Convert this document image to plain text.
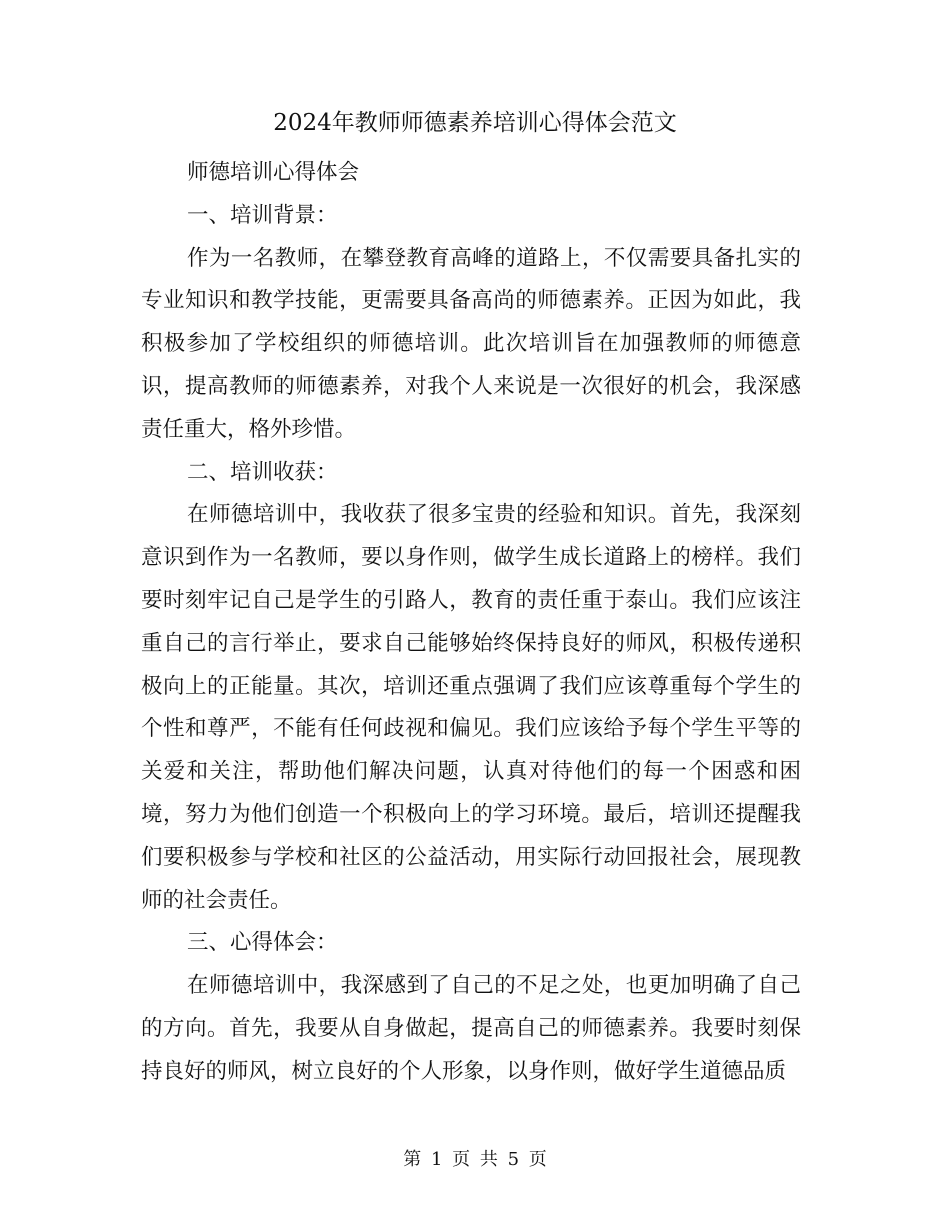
2024年教师师德素养培训心得体会范文

师德培训心得体会

一、培训背景：

作为一名教师，在攀登教育高峰的道路上，不仅需要具备扎实的专业知识和教学技能，更需要具备高尚的师德素养。正因为如此，我积极参加了学校组织的师德培训。此次培训旨在加强教师的师德意识，提高教师的师德素养，对我个人来说是一次很好的机会，我深感责任重大，格外珍惜。

二、培训收获：

在师德培训中，我收获了很多宝贵的经验和知识。首先，我深刻意识到作为一名教师，要以身作则，做学生成长道路上的榜样。我们要时刻牢记自己是学生的引路人，教育的责任重于泰山。我们应该注重自己的言行举止，要求自己能够始终保持良好的师风，积极传递积极向上的正能量。其次，培训还重点强调了我们应该尊重每个学生的个性和尊严，不能有任何歧视和偏见。我们应该给予每个学生平等的关爱和关注，帮助他们解决问题，认真对待他们的每一个困惑和困境，努力为他们创造一个积极向上的学习环境。最后，培训还提醒我们要积极参与学校和社区的公益活动，用实际行动回报社会，展现教师的社会责任。

三、心得体会：

在师德培训中，我深感到了自己的不足之处，也更加明确了自己的方向。首先，我要从自身做起，提高自己的师德素养。我要时刻保持良好的师风，树立良好的个人形象，以身作则，做好学生道德品质

第 1 页 共 5 页
